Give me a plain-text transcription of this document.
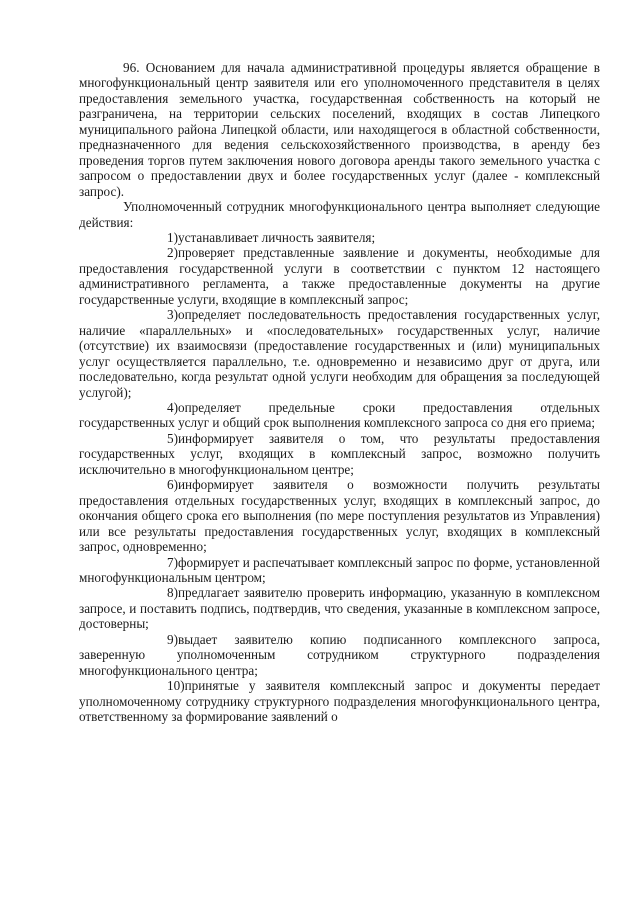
96. Основанием для начала административной процедуры является обращение в многофункциональный центр заявителя или его уполномоченного представителя в целях предоставления земельного участка, государственная собственность на который не разграничена, на территории сельских поселений, входящих в состав Липецкого муниципального района Липецкой области, или находящегося в областной собственности, предназначенного для ведения сельскохозяйственного производства, в аренду без проведения торгов путем заключения нового договора аренды такого земельного участка с запросом о предоставлении двух и более государственных услуг (далее - комплексный запрос).

Уполномоченный сотрудник многофункционального центра выполняет следующие действия:

1)устанавливает личность заявителя;

2)проверяет представленные заявление и документы, необходимые для предоставления государственной услуги в соответствии с пунктом 12 настоящего административного регламента, а также предоставленные документы на другие государственные услуги, входящие в комплексный запрос;

3)определяет последовательность предоставления государственных услуг, наличие «параллельных» и «последовательных» государственных услуг, наличие (отсутствие) их взаимосвязи (предоставление государственных и (или) муниципальных услуг осуществляется параллельно, т.е. одновременно и независимо друг от друга, или последовательно, когда результат одной услуги необходим для обращения за последующей услугой);

4)определяет предельные сроки предоставления отдельных государственных услуг и общий срок выполнения комплексного запроса со дня его приема;

5)информирует заявителя о том, что результаты предоставления государственных услуг, входящих в комплексный запрос, возможно получить исключительно в многофункциональном центре;

6)информирует заявителя о возможности получить результаты предоставления отдельных государственных услуг, входящих в комплексный запрос, до окончания общего срока его выполнения (по мере поступления результатов из Управления) или все результаты предоставления государственных услуг, входящих в комплексный запрос, одновременно;

7)формирует и распечатывает комплексный запрос по форме, установленной многофункциональным центром;

8)предлагает заявителю проверить информацию, указанную в комплексном запросе, и поставить подпись, подтвердив, что сведения, указанные в комплексном запросе, достоверны;

9)выдает заявителю копию подписанного комплексного запроса, заверенную уполномоченным сотрудником структурного подразделения многофункционального центра;

10)принятые у заявителя комплексный запрос и документы передает уполномоченному сотруднику структурного подразделения многофункционального центра, ответственному за формирование заявлений о
